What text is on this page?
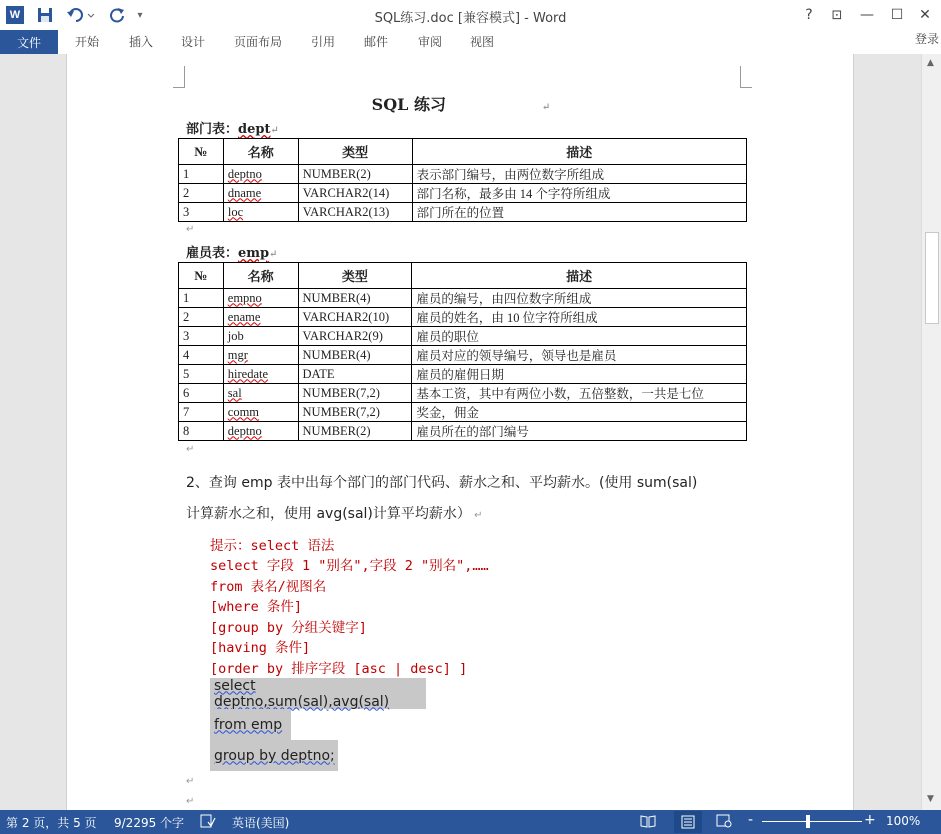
W	▾	SQL练习.doc [兼容模式] - Word	?	⊡	—	☐	✕
文件	开始 插入 设计 页面布局 引用 邮件 审阅 视图	登录
SQL 练习	↵
部门表：dept↵
№	名称	类型	描述
1	deptno	NUMBER(2)	表示部门编号，由两位数字所组成
2	dname	VARCHAR2(14)	部门名称，最多由 14 个字符所组成
3	loc	VARCHAR2(13)	部门所在的位置
雇员表：emp↵
№	名称	类型	描述
1	empno	NUMBER(4)	雇员的编号，由四位数字所组成
2	ename	VARCHAR2(10)	雇员的姓名，由 10 位字符所组成
3	job	VARCHAR2(9)	雇员的职位
4	mgr	NUMBER(4)	雇员对应的领导编号，领导也是雇员
5	hiredate	DATE	雇员的雇佣日期
6	sal	NUMBER(7,2)	基本工资，其中有两位小数，五倍整数，一共是七位
7	comm	NUMBER(7,2)	奖金，佣金
8	deptno	NUMBER(2)	雇员所在的部门编号
↵
↵
2、查询 emp 表中出每个部门的部门代码、薪水之和、平均薪水。(使用 sum(sal)
计算薪水之和，使用 avg(sal)计算平均薪水） ↵
提示：select 语法
select 字段 1 "别名",字段 2 "别名",……
from 表名/视图名
[where 条件]
[group by 分组关键字]
[having 条件]
[order by 排序字段 [asc | desc] ]
select deptno,sum(sal),avg(sal)
from emp
group by deptno;
↵
↵
▲
▼
第 2 页，共 5 页 9/2295 个字	英语(美国)	-	+ 100%
